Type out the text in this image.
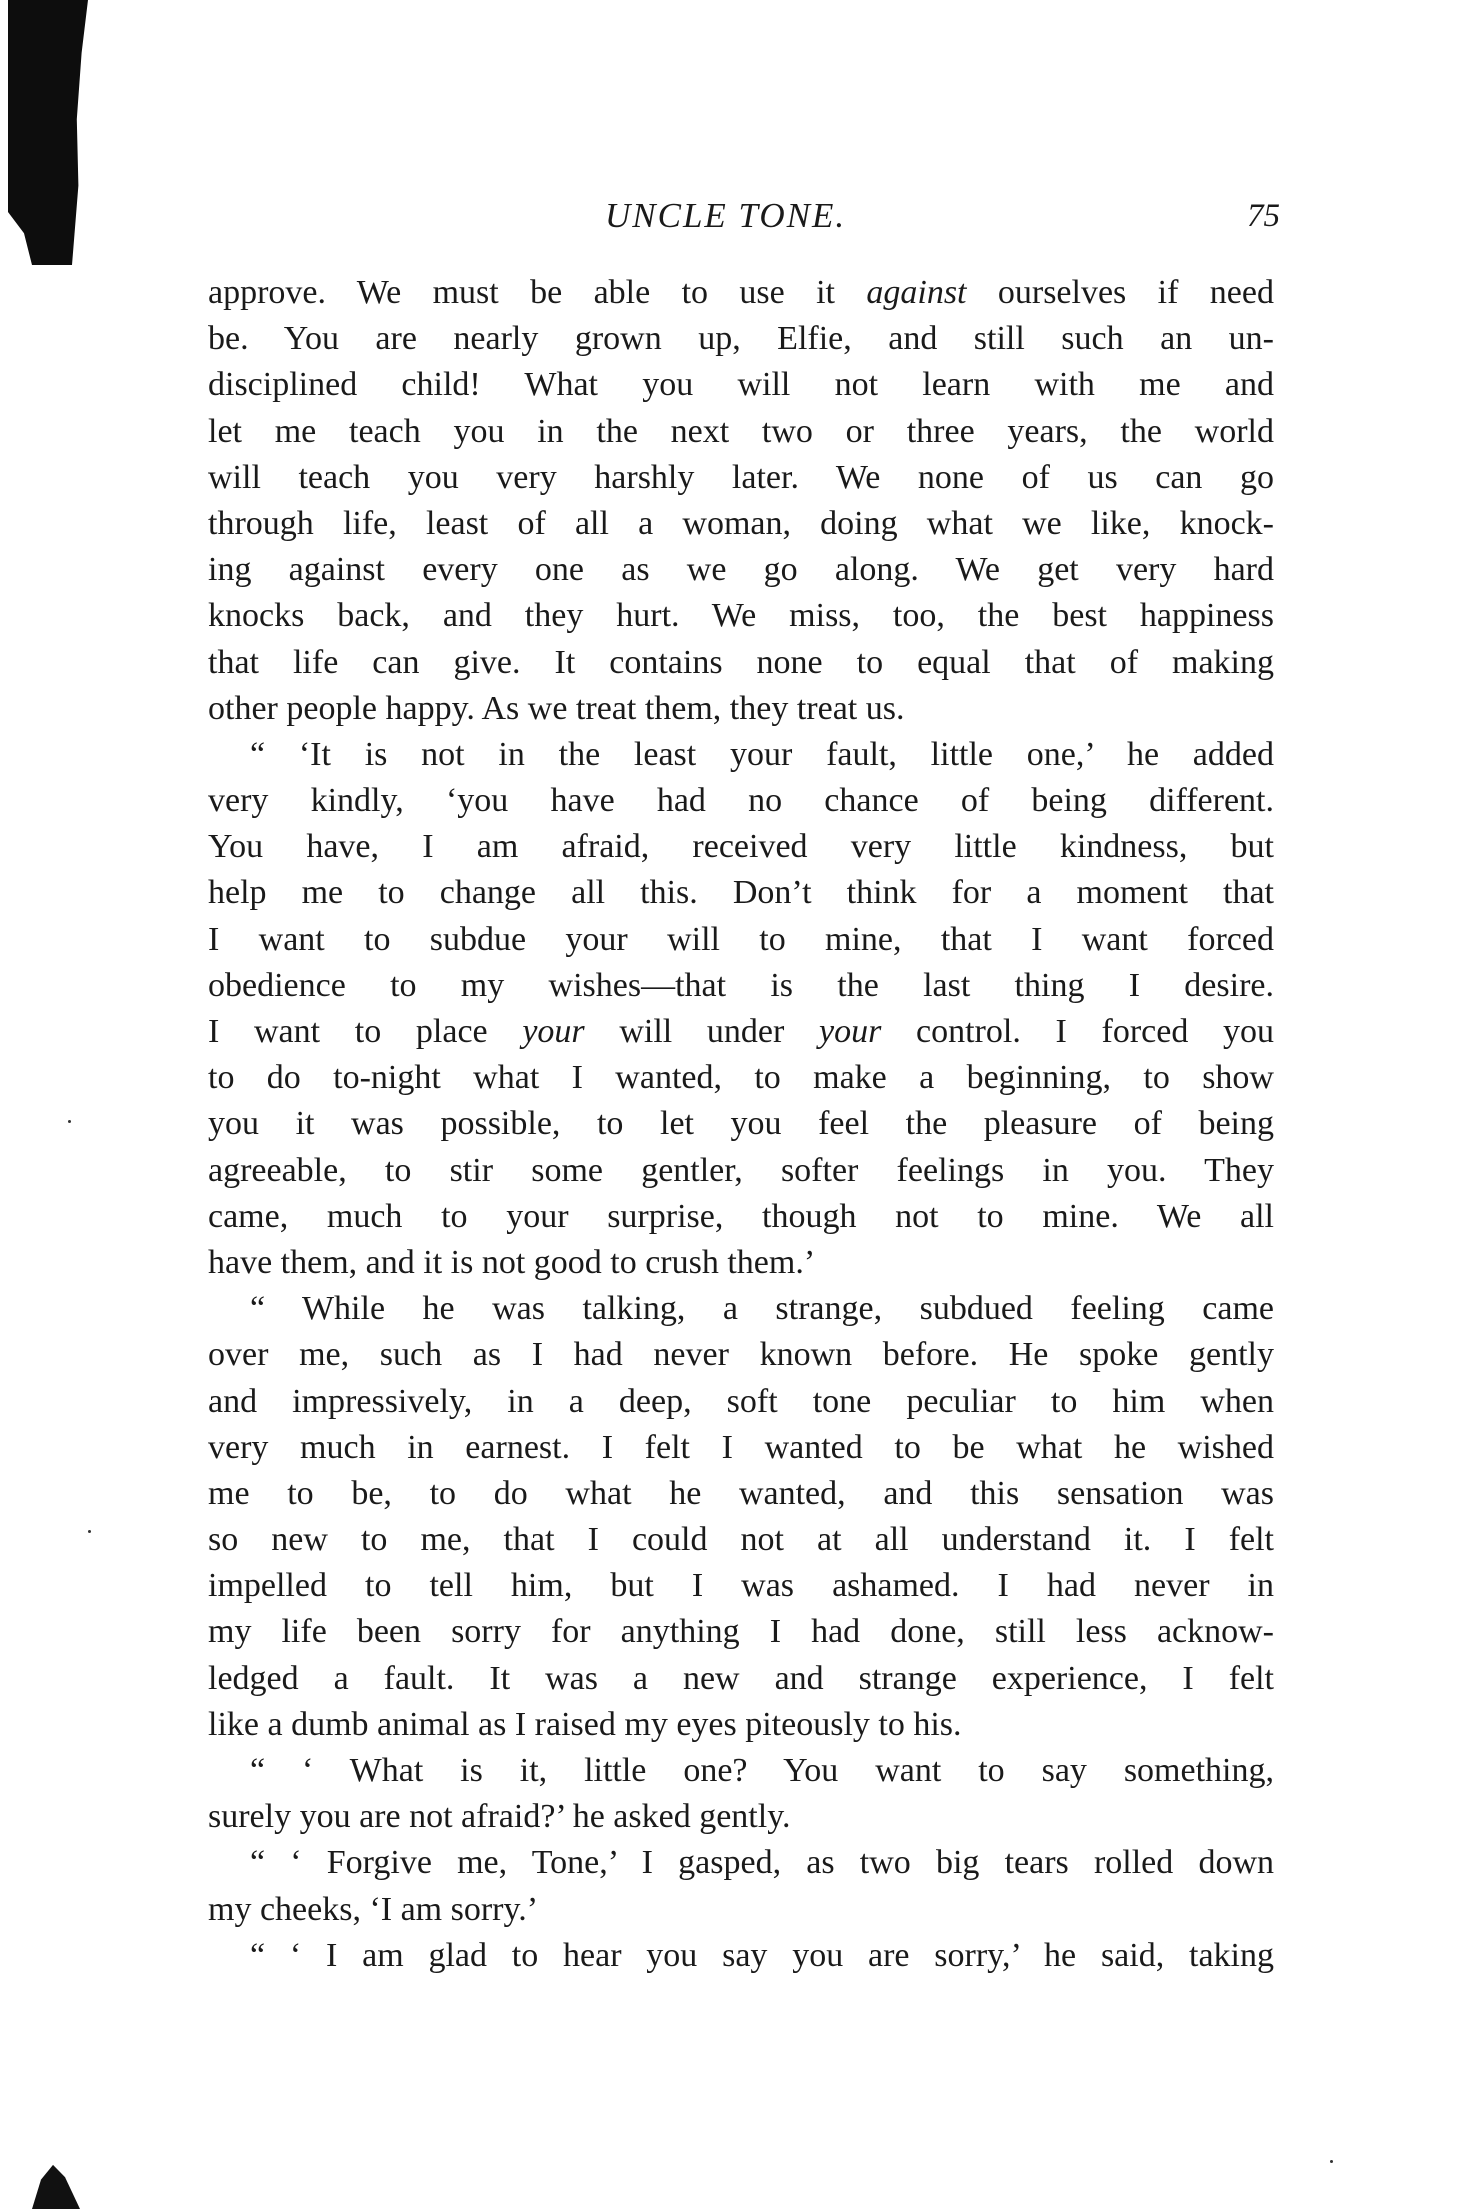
UNCLE TONE.	75
approve. We must be able to use it against ourselves if need
be. You are nearly grown up, Elfie, and still such an un-
disciplined child! What you will not learn with me and
let me teach you in the next two or three years, the world
will teach you very harshly later. We none of us can go
through life, least of all a woman, doing what we like, knock-
ing against every one as we go along. We get very hard
knocks back, and they hurt. We miss, too, the best happiness
that life can give. It contains none to equal that of making
other people happy. As we treat them, they treat us.
“ ‘It is not in the least your fault, little one,’ he added
very kindly, ‘you have had no chance of being different.
You have, I am afraid, received very little kindness, but
help me to change all this. Don’t think for a moment that
I want to subdue your will to mine, that I want forced
obedience to my wishes—that is the last thing I desire.
I want to place your will under your control. I forced you
to do to-night what I wanted, to make a beginning, to show
you it was possible, to let you feel the pleasure of being
agreeable, to stir some gentler, softer feelings in you. They
came, much to your surprise, though not to mine. We all
have them, and it is not good to crush them.’
“ While he was talking, a strange, subdued feeling came
over me, such as I had never known before. He spoke gently
and impressively, in a deep, soft tone peculiar to him when
very much in earnest. I felt I wanted to be what he wished
me to be, to do what he wanted, and this sensation was
so new to me, that I could not at all understand it. I felt
impelled to tell him, but I was ashamed. I had never in
my life been sorry for anything I had done, still less acknow-
ledged a fault. It was a new and strange experience, I felt
like a dumb animal as I raised my eyes piteously to his.
“ ‘ What is it, little one? You want to say something,
surely you are not afraid?’ he asked gently.
“ ‘ Forgive me, Tone,’ I gasped, as two big tears rolled down
my cheeks, ‘I am sorry.’
“ ‘ I am glad to hear you say you are sorry,’ he said, taking
